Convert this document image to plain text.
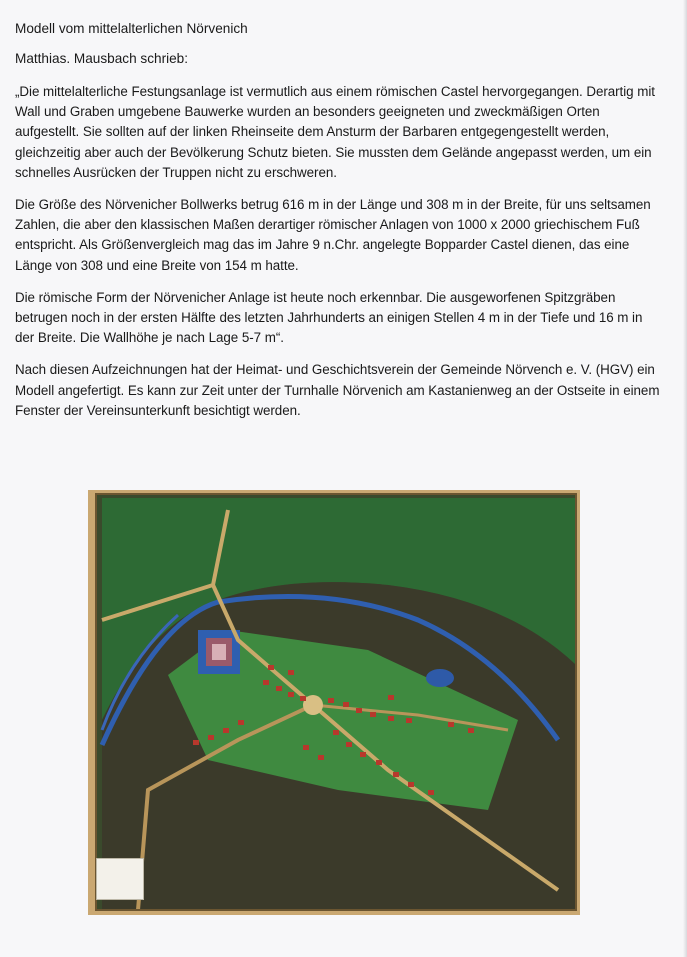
Modell vom mittelalterlichen Nörvenich

Matthias. Mausbach schrieb:

„Die mittelalterliche Festungsanlage ist vermutlich aus einem römischen Castel hervorgegangen. Derartig mit Wall und Graben umgebene Bauwerke wurden an besonders geeigneten und zweckmäßigen Orten aufgestellt. Sie sollten auf der linken Rheinseite dem Ansturm der Barbaren entgegengestellt werden, gleichzeitig aber auch der Bevölkerung Schutz bieten. Sie mussten dem Gelände angepasst werden, um ein schnelles Ausrücken der Truppen nicht zu erschweren.

Die Größe des Nörvenicher Bollwerks betrug 616 m in der Länge und 308 m in der Breite, für uns seltsamen Zahlen, die aber den klassischen Maßen derartiger römischer Anlagen von 1000 x 2000 griechischem Fuß entspricht. Als Größenvergleich mag das im Jahre 9 n.Chr. angelegte Bopparder Castel dienen, das eine Länge von 308 und eine Breite von 154 m hatte.

Die römische Form der Nörvenicher Anlage ist heute noch erkennbar. Die ausgeworfenen Spitzgräben betrugen noch in der ersten Hälfte des letzten Jahrhunderts an einigen Stellen 4 m in der Tiefe und 16 m in der Breite. Die Wallhöhe je nach Lage 5-7 m“.

Nach diesen Aufzeichnungen hat der Heimat- und Geschichtsverein der Gemeinde Nörvench e. V. (HGV) ein Modell angefertigt. Es kann zur Zeit unter der Turnhalle Nörvenich am Kastanienweg an der Ostseite in einem Fenster der Vereinsunterkunft besichtigt werden.
